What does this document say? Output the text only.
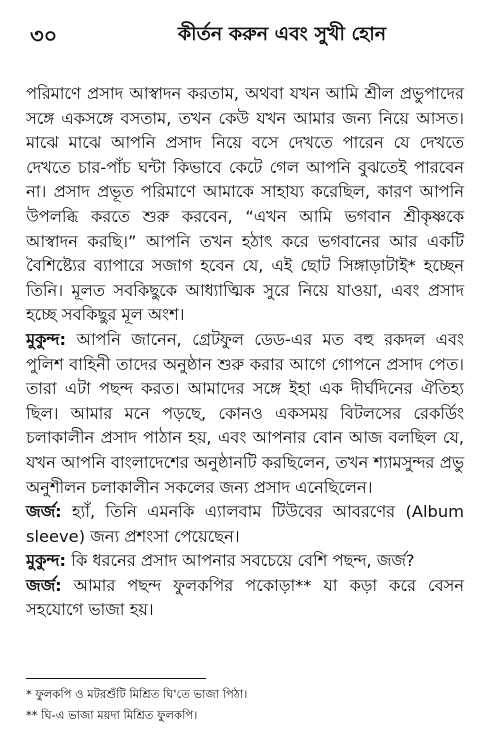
৩০	কীর্তন করুন এবং সুখী হোন

পরিমাণে প্রসাদ আস্বাদন করতাম, অথবা যখন আমি শ্রীল প্রভুপাদের সঙ্গে একসঙ্গে বসতাম, তখন কেউ যখন আমার জন্য নিয়ে আসত। মাঝে মাঝে আপনি প্রসাদ নিয়ে বসে দেখতে পারেন যে দেখতে দেখতে চার-পাঁচ ঘন্টা কিভাবে কেটে গেল আপনি বুঝতেই পারবেন না। প্রসাদ প্রভূত পরিমাণে আমাকে সাহায্য করেছিল, কারণ আপনি উপলব্ধি করতে শুরু করবেন, “এখন আমি ভগবান শ্রীকৃষ্ণকে আস্বাদন করছি।” আপনি তখন হঠাৎ করে ভগবানের আর একটি বৈশিষ্ট্যের ব্যাপারে সজাগ হবেন যে, এই ছোট সিঙ্গাড়াটাই* হচ্ছেন তিনি। মূলত সবকিছুকে আধ্যাত্মিক সুরে নিয়ে যাওয়া, এবং প্রসাদ হচ্ছে সবকিছুর মূল অংশ।

মুকুন্দ: আপনি জানেন, গ্রেটফুল ডেড-এর মত বহু রকদল এবং পুলিশ বাহিনী তাদের অনুষ্ঠান শুরু করার আগে গোপনে প্রসাদ পেত। তারা এটা পছন্দ করত। আমাদের সঙ্গে ইহা এক দীর্ঘদিনের ঐতিহ্য ছিল। আমার মনে পড়ছে, কোনও একসময় বিটলসের রেকর্ডিং চলাকালীন প্রসাদ পাঠান হয়, এবং আপনার বোন আজ বলছিল যে, যখন আপনি বাংলাদেশের অনুষ্ঠানটি করছিলেন, তখন শ্যামসুন্দর প্রভু অনুশীলন চলাকালীন সকলের জন্য প্রসাদ এনেছিলেন।

জর্জ: হ্যাঁ, তিনি এমনকি এ্যালবাম টিউবের আবরণের (Album sleeve) জন্য প্রশংসা পেয়েছেন।

মুকুন্দ: কি ধরনের প্রসাদ আপনার সবচেয়ে বেশি পছন্দ, জর্জ?

জর্জ: আমার পছন্দ ফুলকপির পকোড়া** যা কড়া করে বেসন সহযোগে ভাজা হয়।

* ফুলকপি ও মটরশুঁটি মিশ্রিত ঘি'তে ভাজা পিঠা।

** ঘি-এ ভাজা ময়দা মিশ্রিত ফুলকপি।
